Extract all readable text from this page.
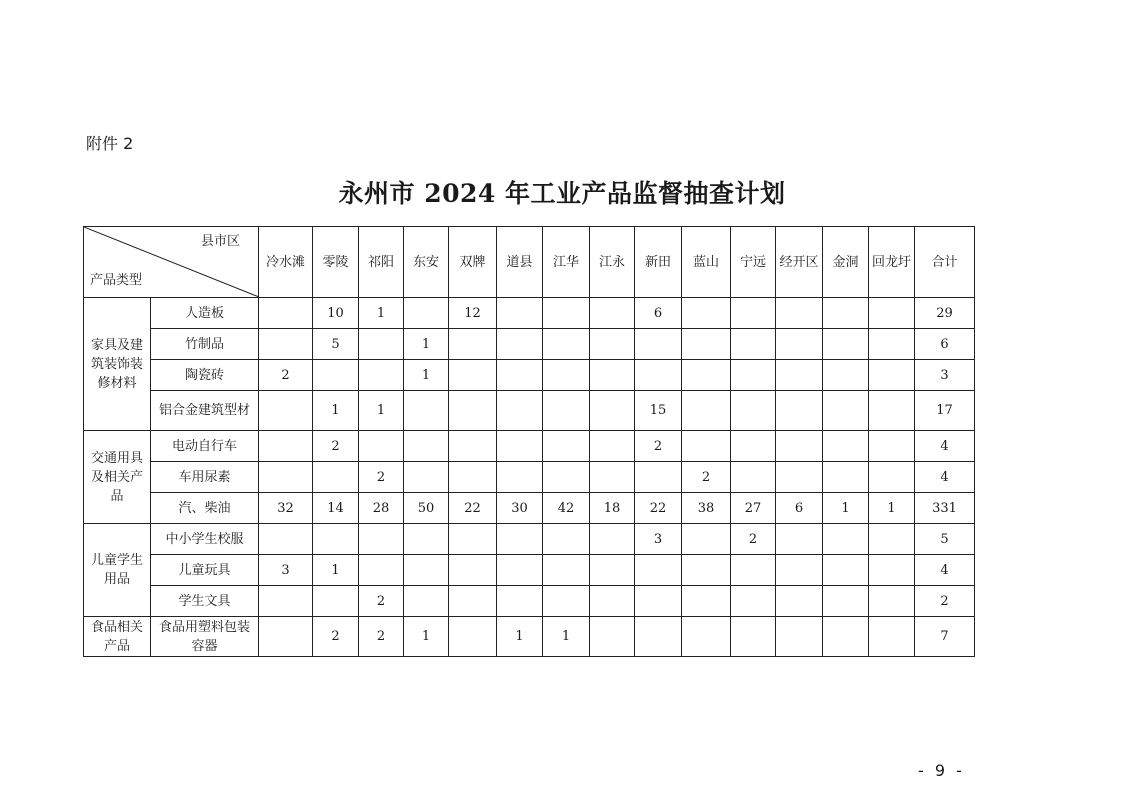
附件 2
永州市 2024 年工业产品监督抽查计划
县市区
产品类型		冷水滩	零陵	祁阳	东安	双牌	道县	江华	江永	新田	蓝山	宁远	经开区	金洞	回龙圩	合计
家具及建筑装饰装修材料	人造板		10	1		12				6						29
	竹制品		5		1											6
	陶瓷砖	2			1											3
	铝合金建筑型材		1	1						15						17
交通用具及相关产品	电动自行车		2							2						4
	车用尿素			2							2					4
	汽、柴油	32	14	28	50	22	30	42	18	22	38	27	6	1	1	331
儿童学生用品	中小学生校服									3		2				5
	儿童玩具	3	1													4
	学生文具			2												2
食品相关产品	食品用塑料包装容器		2	2	1		1	1								7
- 9 -
